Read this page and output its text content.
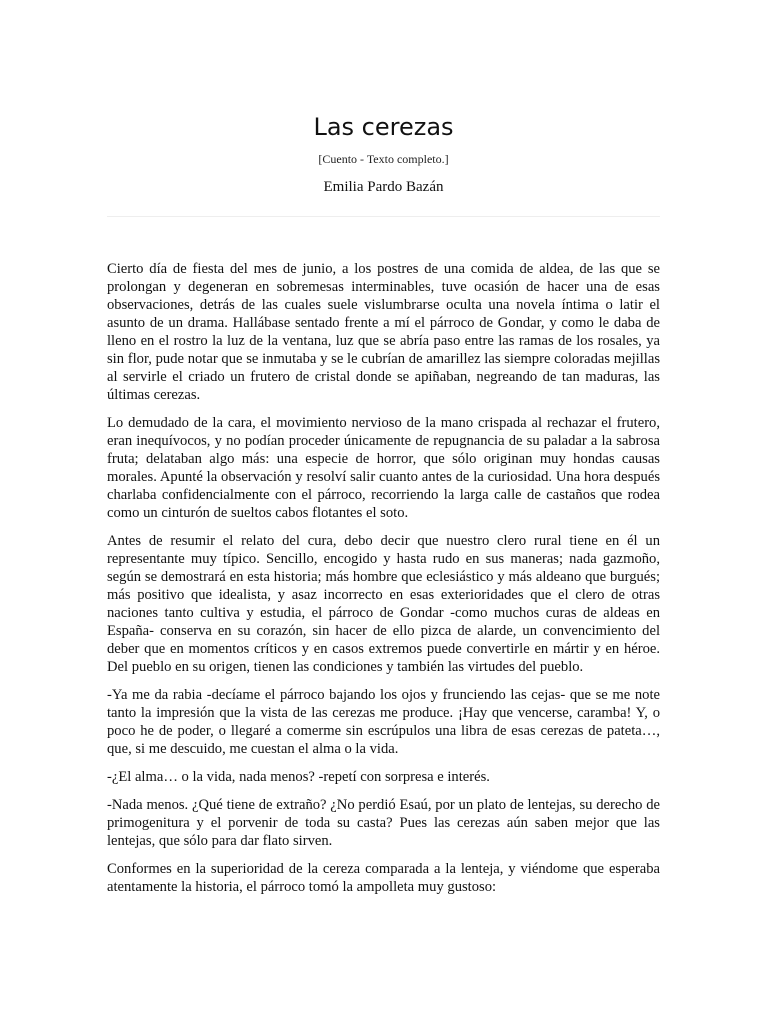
Las cerezas
[Cuento - Texto completo.]
Emilia Pardo Bazán

Cierto día de fiesta del mes de junio, a los postres de una comida de aldea, de las que se prolongan y degeneran en sobremesas interminables, tuve ocasión de hacer una de esas observaciones, detrás de las cuales suele vislumbrarse oculta una novela íntima o latir el asunto de un drama. Hallábase sentado frente a mí el párroco de Gondar, y como le daba de lleno en el rostro la luz de la ventana, luz que se abría paso entre las ramas de los rosales, ya sin flor, pude notar que se inmutaba y se le cubrían de amarillez las siempre coloradas mejillas al servirle el criado un frutero de cristal donde se apiñaban, negreando de tan maduras, las últimas cerezas.

Lo demudado de la cara, el movimiento nervioso de la mano crispada al rechazar el frutero, eran inequívocos, y no podían proceder únicamente de repugnancia de su paladar a la sabrosa fruta; delataban algo más: una especie de horror, que sólo originan muy hondas causas morales. Apunté la observación y resolví salir cuanto antes de la curiosidad. Una hora después charlaba confidencialmente con el párroco, recorriendo la larga calle de castaños que rodea como un cinturón de sueltos cabos flotantes el soto.

Antes de resumir el relato del cura, debo decir que nuestro clero rural tiene en él un representante muy típico. Sencillo, encogido y hasta rudo en sus maneras; nada gazmoño, según se demostrará en esta historia; más hombre que eclesiástico y más aldeano que burgués; más positivo que idealista, y asaz incorrecto en esas exterioridades que el clero de otras naciones tanto cultiva y estudia, el párroco de Gondar -como muchos curas de aldeas en España- conserva en su corazón, sin hacer de ello pizca de alarde, un convencimiento del deber que en momentos críticos y en casos extremos puede convertirle en mártir y en héroe. Del pueblo en su origen, tienen las condiciones y también las virtudes del pueblo.

-Ya me da rabia -decíame el párroco bajando los ojos y frunciendo las cejas- que se me note tanto la impresión que la vista de las cerezas me produce. ¡Hay que vencerse, caramba! Y, o poco he de poder, o llegaré a comerme sin escrúpulos una libra de esas cerezas de pateta…, que, si me descuido, me cuestan el alma o la vida.

-¿El alma… o la vida, nada menos? -repetí con sorpresa e interés.

-Nada menos. ¿Qué tiene de extraño? ¿No perdió Esaú, por un plato de lentejas, su derecho de primogenitura y el porvenir de toda su casta? Pues las cerezas aún saben mejor que las lentejas, que sólo para dar flato sirven.

Conformes en la superioridad de la cereza comparada a la lenteja, y viéndome que esperaba atentamente la historia, el párroco tomó la ampolleta muy gustoso:
